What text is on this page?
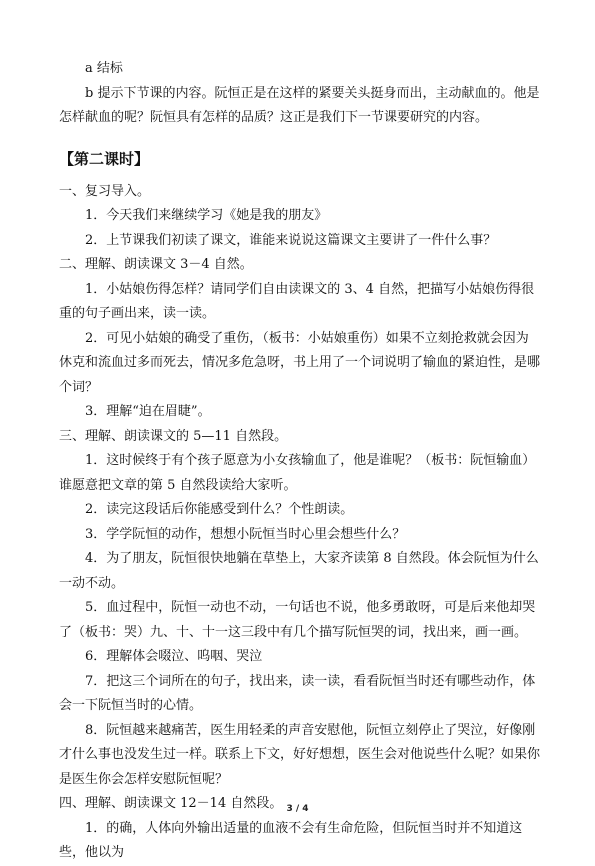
a 结标

b 提示下节课的内容。阮恒正是在这样的紧要关头挺身而出，主动献血的。他是怎样献血的呢？阮恒具有怎样的品质？这正是我们下一节课要研究的内容。

【第二课时】

一、复习导入。

1．今天我们来继续学习《她是我的朋友》

2．上节课我们初读了课文，谁能来说说这篇课文主要讲了一件什么事？

二、理解、朗读课文 3－4 自然。

1．小姑娘伤得怎样？请同学们自由读课文的 3、4 自然，把描写小姑娘伤得很重的句子画出来，读一读。

2．可见小姑娘的确受了重伤，（板书：小姑娘重伤）如果不立刻抢救就会因为休克和流血过多而死去，情况多危急呀，书上用了一个词说明了输血的紧迫性，是哪个词？

3．理解“迫在眉睫”。

三、理解、朗读课文的 5—11 自然段。

1．这时候终于有个孩子愿意为小女孩输血了，他是谁呢？（板书：阮恒输血）谁愿意把文章的第 5 自然段读给大家听。

2．读完这段话后你能感受到什么？个性朗读。

3．学学阮恒的动作，想想小阮恒当时心里会想些什么？

4．为了朋友，阮恒很快地躺在草垫上，大家齐读第 8 自然段。体会阮恒为什么一动不动。

5．血过程中，阮恒一动也不动，一句话也不说，他多勇敢呀，可是后来他却哭了（板书：哭）九、十、十一这三段中有几个描写阮恒哭的词，找出来，画一画。

6．理解体会啜泣、呜咽、哭泣

7．把这三个词所在的句子，找出来，读一读，看看阮恒当时还有哪些动作，体会一下阮恒当时的心情。

8．阮恒越来越痛苦，医生用轻柔的声音安慰他，阮恒立刻停止了哭泣，好像刚才什么事也没发生过一样。联系上下文，好好想想，医生会对他说些什么呢？如果你是医生你会怎样安慰阮恒呢？

四、理解、朗读课文 12－14 自然段。

1．的确，人体向外输出适量的血液不会有生命危险，但阮恒当时并不知道这些，他以为

3 / 4
